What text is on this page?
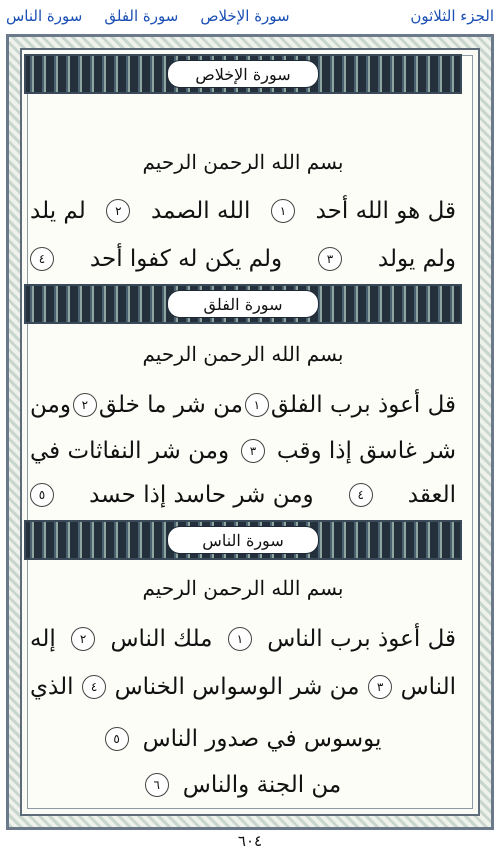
الجزء الثلاثون
سورة الإخلاص
سورة الفلق
سورة الناس
سورة الإخلاص
بسم الله الرحمن الرحيم
قل هو الله أحد
١
الله الصمد
٢
لم يلد
ولم يولد
٣
ولم يكن له كفوا أحد
٤
سورة الفلق
بسم الله الرحمن الرحيم
قل أعوذ برب الفلق
١
من شر ما خلق
٢
ومن
شر غاسق إذا وقب
٣
ومن شر النفاثات في
العقد
٤
ومن شر حاسد إذا حسد
٥
سورة الناس
بسم الله الرحمن الرحيم
قل أعوذ برب الناس
١
ملك الناس
٢
إله
الناس
٣
من شر الوسواس الخناس
٤
الذي
يوسوس في صدور الناس
٥
من الجنة والناس
٦
٦٠٤
